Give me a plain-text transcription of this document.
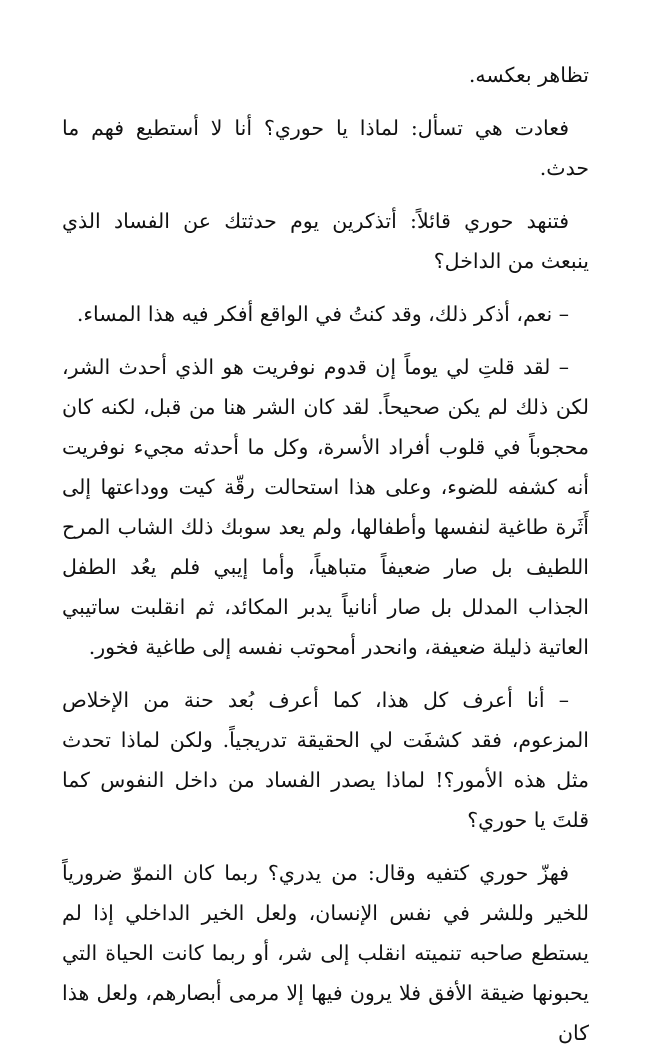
تظاهر بعكسه.

فعادت هي تسأل: لماذا يا حوري؟ أنا لا أستطيع فهم ما حدث.

فتنهد حوري قائلاً: أتذكرين يوم حدثتك عن الفساد الذي ينبعث من الداخل؟

– نعم، أذكر ذلك، وقد كنتُ في الواقع أفكر فيه هذا المساء.

– لقد قلتِ لي يوماً إن قدوم نوفريت هو الذي أحدث الشر، لكن ذلك لم يكن صحيحاً. لقد كان الشر هنا من قبل، لكنه كان محجوباً في قلوب أفراد الأسرة، وكل ما أحدثه مجيء نوفريت أنه كشفه للضوء، وعلى هذا استحالت رقّة كيت ووداعتها إلى أَثَرة طاغية لنفسها وأطفالها، ولم يعد سوبك ذلك الشاب المرح اللطيف بل صار ضعيفاً متباهياً، وأما إيبي فلم يعُد الطفل الجذاب المدلل بل صار أنانياً يدبر المكائد، ثم انقلبت ساتيبي العاتية ذليلة ضعيفة، وانحدر أمحوتب نفسه إلى طاغية فخور.

– أنا أعرف كل هذا، كما أعرف بُعد حنة من الإخلاص المزعوم، فقد كشفَت لي الحقيقة تدريجياً. ولكن لماذا تحدث مثل هذه الأمور؟! لماذا يصدر الفساد من داخل النفوس كما قلتَ يا حوري؟

فهزّ حوري كتفيه وقال: من يدري؟ ربما كان النموّ ضرورياً للخير وللشر في نفس الإنسان، ولعل الخير الداخلي إذا لم يستطع صاحبه تنميته انقلب إلى شر، أو ربما كانت الحياة التي يحبونها ضيقة الأفق فلا يرون فيها إلا مرمى أبصارهم، ولعل هذا كان
